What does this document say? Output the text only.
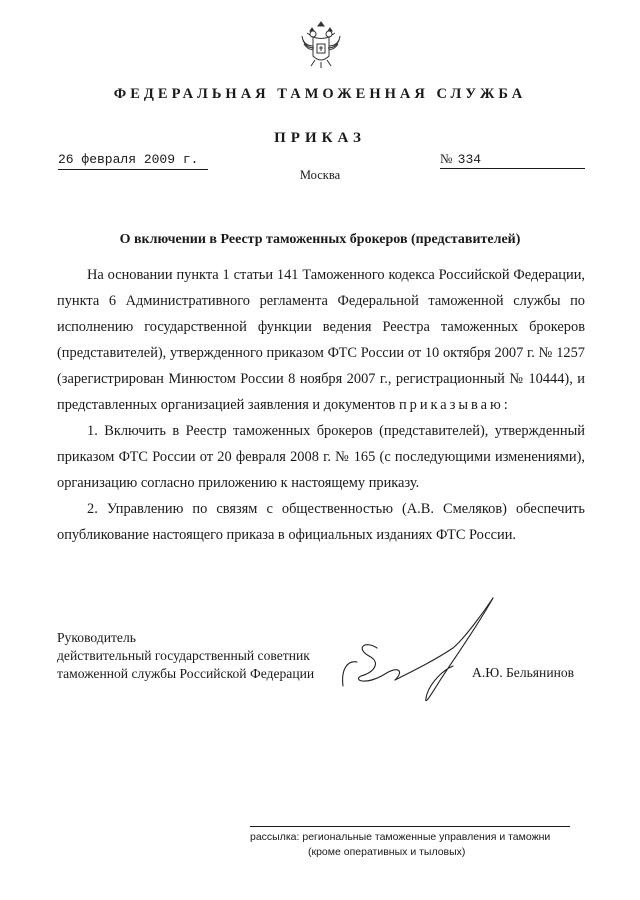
ФЕДЕРАЛЬНАЯ ТАМОЖЕННАЯ СЛУЖБА
ПРИКАЗ
26 февраля 2009 г.
Москва
№ 334
О включении в Реестр таможенных брокеров (представителей)

На основании пункта 1 статьи 141 Таможенного кодекса Российской Федерации, пункта 6 Административного регламента Федеральной таможенной службы по исполнению государственной функции ведения Реестра таможенных брокеров (представителей), утвержденного приказом ФТС России от 10 октября 2007 г. № 1257 (зарегистрирован Минюстом России 8 ноября 2007 г., регистрационный № 10444), и представленных организацией заявления и документов приказываю:

1. Включить в Реестр таможенных брокеров (представителей), утвержденный приказом ФТС России от 20 февраля 2008 г. № 165 (с последующими изменениями), организацию согласно приложению к настоящему приказу.

2. Управлению по связям с общественностью (А.В. Смеляков) обеспечить опубликование настоящего приказа в официальных изданиях ФТС России.

Руководитель
действительный государственный советник
таможенной службы Российской Федерации	А.Ю. Бельянинов
рассылка: региональные таможенные управления и таможни
(кроме оперативных и тыловых)
